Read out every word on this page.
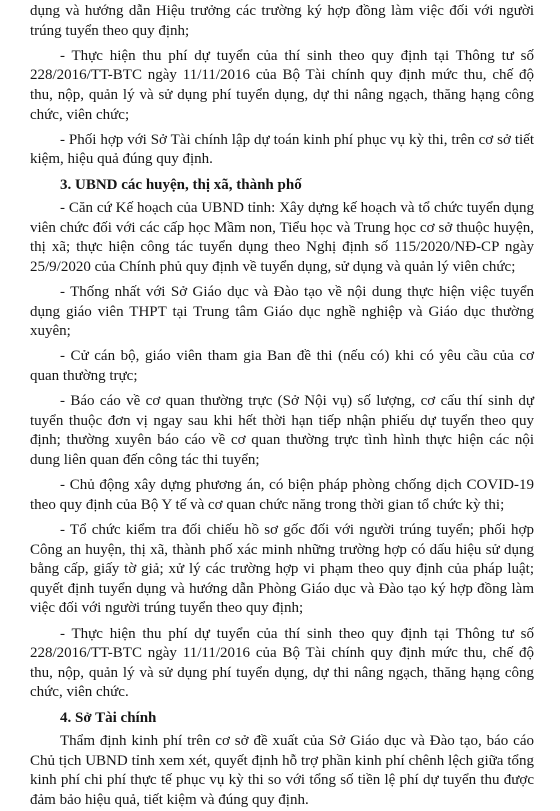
dụng và hướng dẫn Hiệu trưởng các trường ký hợp đồng làm việc đối với người trúng tuyển theo quy định;

- Thực hiện thu phí dự tuyển của thí sinh theo quy định tại Thông tư số 228/2016/TT-BTC ngày 11/11/2016 của Bộ Tài chính quy định mức thu, chế độ thu, nộp, quản lý và sử dụng phí tuyển dụng, dự thi nâng ngạch, thăng hạng công chức, viên chức;

- Phối hợp với Sở Tài chính lập dự toán kinh phí phục vụ kỳ thi, trên cơ sở tiết kiệm, hiệu quả đúng quy định.

3. UBND các huyện, thị xã, thành phố

- Căn cứ Kế hoạch của UBND tỉnh: Xây dựng kế hoạch và tổ chức tuyển dụng viên chức đối với các cấp học Mầm non, Tiểu học và Trung học cơ sở thuộc huyện, thị xã; thực hiện công tác tuyển dụng theo Nghị định số 115/2020/NĐ-CP ngày 25/9/2020 của Chính phủ quy định về tuyển dụng, sử dụng và quản lý viên chức;

- Thống nhất với Sở Giáo dục và Đào tạo về nội dung thực hiện việc tuyển dụng giáo viên THPT tại Trung tâm Giáo dục nghề nghiệp và Giáo dục thường xuyên;

- Cử cán bộ, giáo viên tham gia Ban đề thi (nếu có) khi có yêu cầu của cơ quan thường trực;

- Báo cáo về cơ quan thường trực (Sở Nội vụ) số lượng, cơ cấu thí sinh dự tuyển thuộc đơn vị ngay sau khi hết thời hạn tiếp nhận phiếu dự tuyển theo quy định; thường xuyên báo cáo về cơ quan thường trực tình hình thực hiện các nội dung liên quan đến công tác thi tuyển;

- Chủ động xây dựng phương án, có biện pháp phòng chống dịch COVID-19 theo quy định của Bộ Y tế và cơ quan chức năng trong thời gian tổ chức kỳ thi;

- Tổ chức kiểm tra đối chiếu hồ sơ gốc đối với người trúng tuyển; phối hợp Công an huyện, thị xã, thành phố xác minh những trường hợp có dấu hiệu sử dụng bằng cấp, giấy tờ giả; xử lý các trường hợp vi phạm theo quy định của pháp luật; quyết định tuyển dụng và hướng dẫn Phòng Giáo dục và Đào tạo ký hợp đồng làm việc đối với người trúng tuyển theo quy định;

- Thực hiện thu phí dự tuyển của thí sinh theo quy định tại Thông tư số 228/2016/TT-BTC ngày 11/11/2016 của Bộ Tài chính quy định mức thu, chế độ thu, nộp, quản lý và sử dụng phí tuyển dụng, dự thi nâng ngạch, thăng hạng công chức, viên chức.

4. Sở Tài chính

Thẩm định kinh phí trên cơ sở đề xuất của Sở Giáo dục và Đào tạo, báo cáo Chủ tịch UBND tỉnh xem xét, quyết định hỗ trợ phần kinh phí chênh lệch giữa tổng kinh phí chi phí thực tế phục vụ kỳ thi so với tổng số tiền lệ phí dự tuyển thu được đảm bảo hiệu quả, tiết kiệm và đúng quy định.
